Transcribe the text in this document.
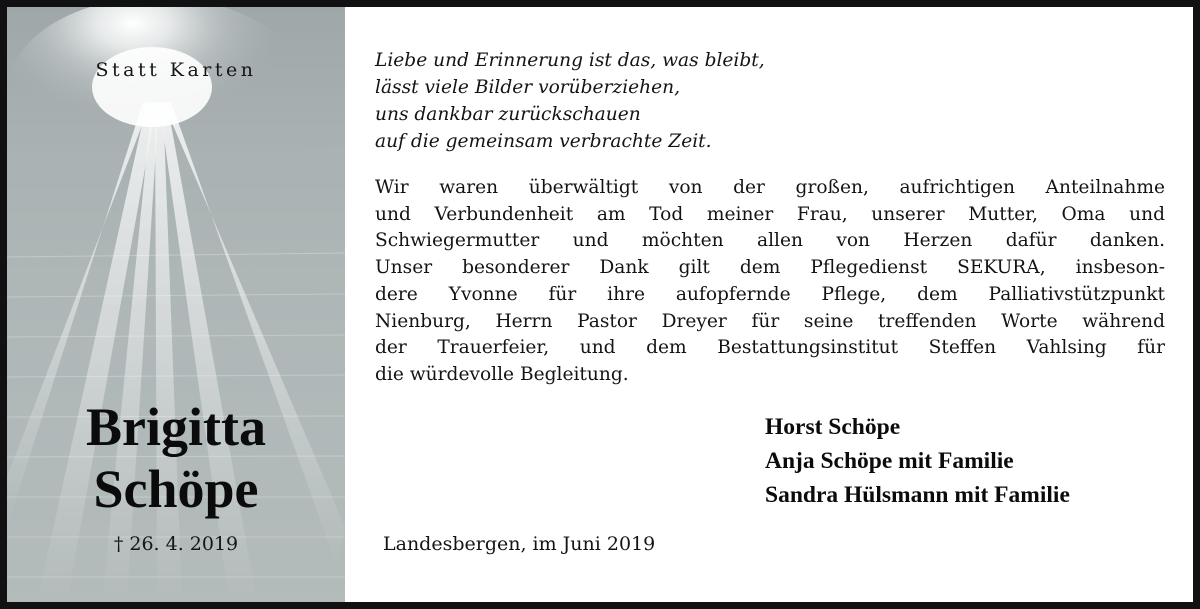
Statt Karten
Brigitta
Schöpe
† 26. 4. 2019
Liebe und Erinnerung ist das, was bleibt,
lässt viele Bilder vorüberziehen,
uns dankbar zurückschauen
auf die gemeinsam verbrachte Zeit.
Wir waren überwältigt von der großen, aufrichtigen Anteilnahme
und Verbundenheit am Tod meiner Frau, unserer Mutter, Oma und
Schwiegermutter und möchten allen von Herzen dafür danken.
Unser besonderer Dank gilt dem Pflegedienst SEKURA, insbeson-
dere Yvonne für ihre aufopfernde Pflege, dem Palliativstützpunkt
Nienburg, Herrn Pastor Dreyer für seine treffenden Worte während
der Trauerfeier, und dem Bestattungsinstitut Steffen Vahlsing für
die würdevolle Begleitung.
Horst Schöpe
Anja Schöpe mit Familie
Sandra Hülsmann mit Familie
Landesbergen, im Juni 2019
